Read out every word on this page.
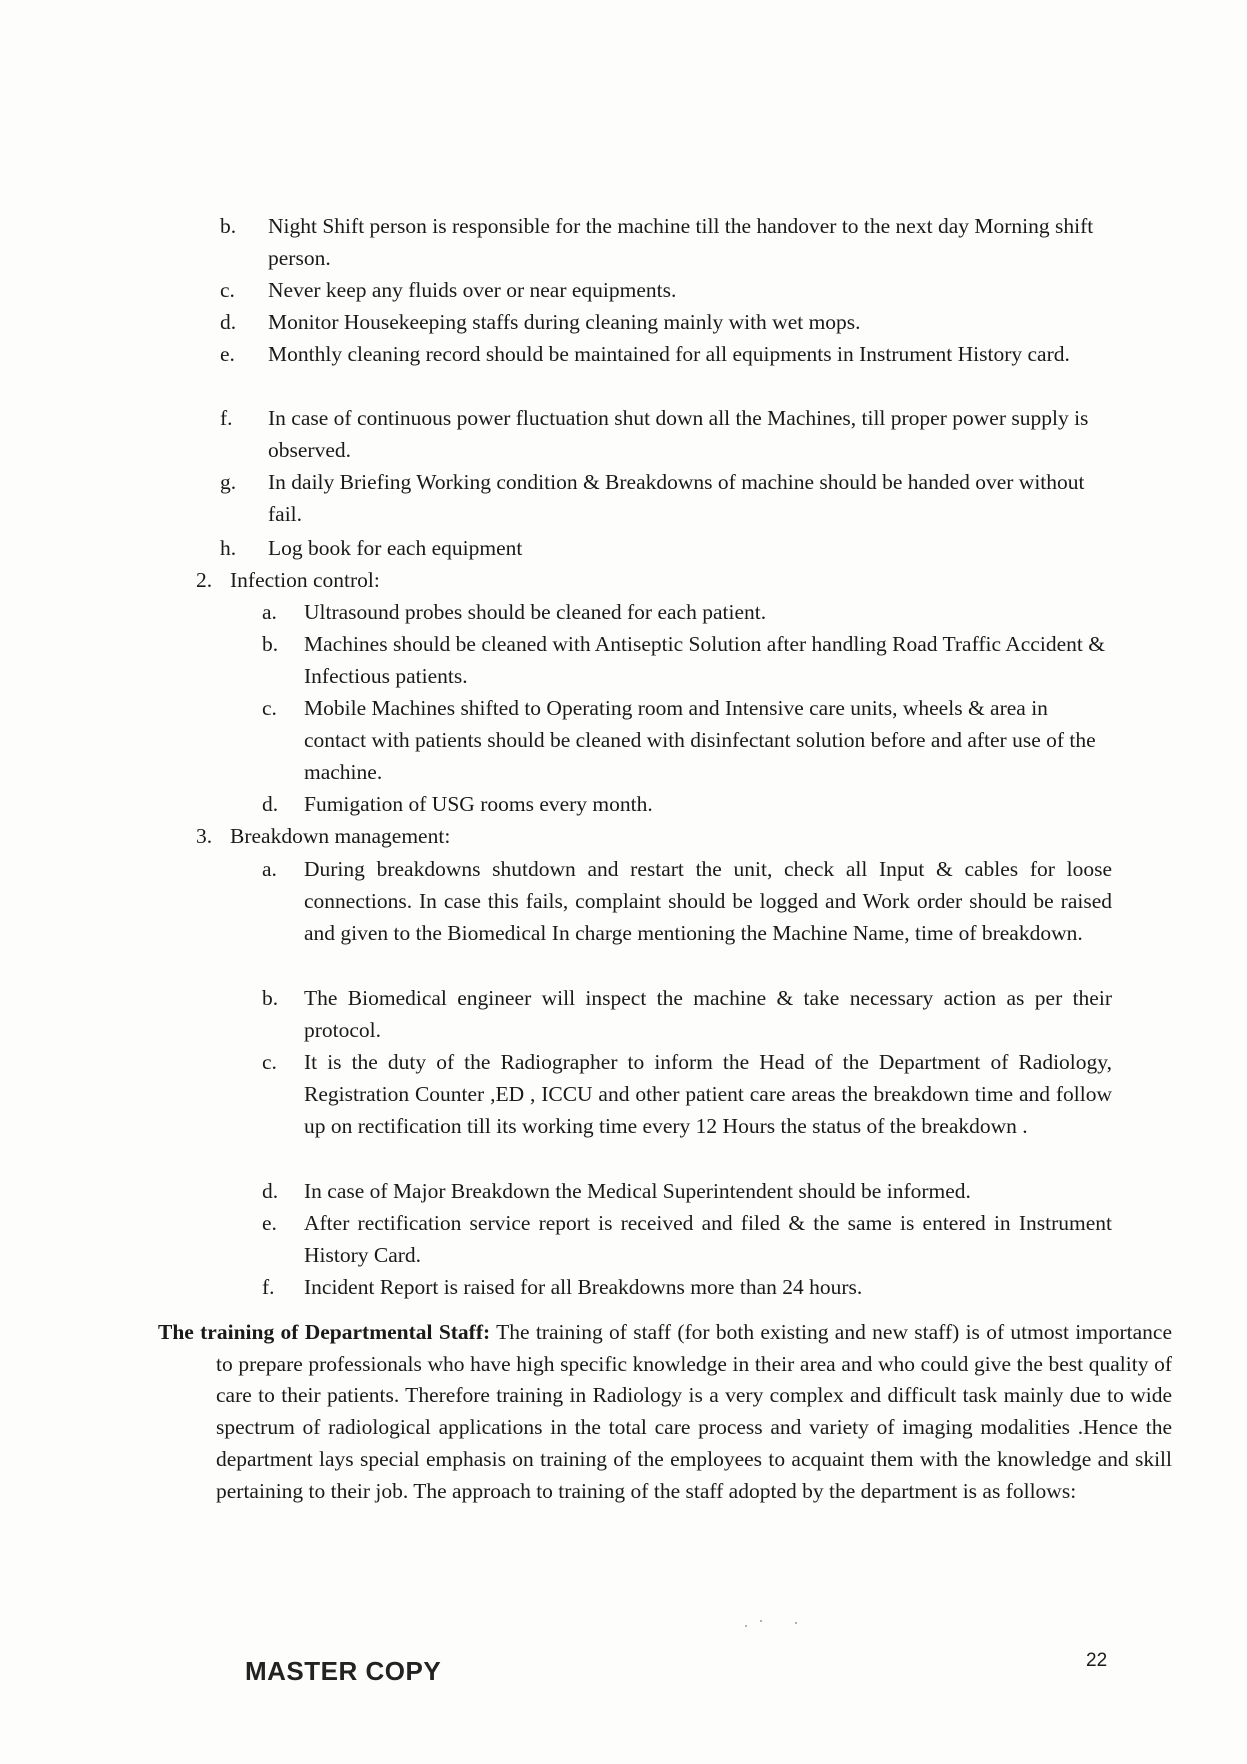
b.	Night Shift person is responsible for the machine till the handover to the next day Morning shift person.
c.	Never keep any fluids over or near equipments.
d.	Monitor Housekeeping staffs during cleaning mainly with wet mops.
e.	Monthly cleaning record should be maintained for all equipments in Instrument History card.
f.	In case of continuous power fluctuation shut down all the Machines, till proper power supply is observed.
g.	In daily Briefing Working condition & Breakdowns of machine should be handed over without fail.
h.	Log book for each equipment
2. Infection control:
a.	Ultrasound probes should be cleaned for each patient.
b.	Machines should be cleaned with Antiseptic Solution after handling Road Traffic Accident & Infectious patients.
c.	Mobile Machines shifted to Operating room and Intensive care units, wheels & area in contact with patients should be cleaned with disinfectant solution before and after use of the machine.
d.	Fumigation of USG rooms every month.
3. Breakdown management:
a.	During breakdowns shutdown and restart the unit, check all Input & cables for loose connections. In case this fails, complaint should be logged and Work order should be raised and given to the Biomedical In charge mentioning the Machine Name, time of breakdown.
b.	The Biomedical engineer will inspect the machine & take necessary action as per their protocol.
c.	It is the duty of the Radiographer to inform the Head of the Department of Radiology, Registration Counter ,ED , ICCU and other patient care areas the breakdown time and follow up on rectification till its working time every 12 Hours the status of the breakdown .
d.	In case of Major Breakdown the Medical Superintendent should be informed.
e.	After rectification service report is received and filed & the same is entered in Instrument History Card.
f.	Incident Report is raised for all Breakdowns more than 24 hours.
The training of Departmental Staff: The training of staff (for both existing and new staff) is of utmost importance to prepare professionals who have high specific knowledge in their area and who could give the best quality of care to their patients. Therefore training in Radiology is a very complex and difficult task mainly due to wide spectrum of radiological applications in the total care process and variety of imaging modalities .Hence the department lays special emphasis on training of the employees to acquaint them with the knowledge and skill pertaining to their job. The approach to training of the staff adopted by the department is as follows:
22
MASTER COPY
